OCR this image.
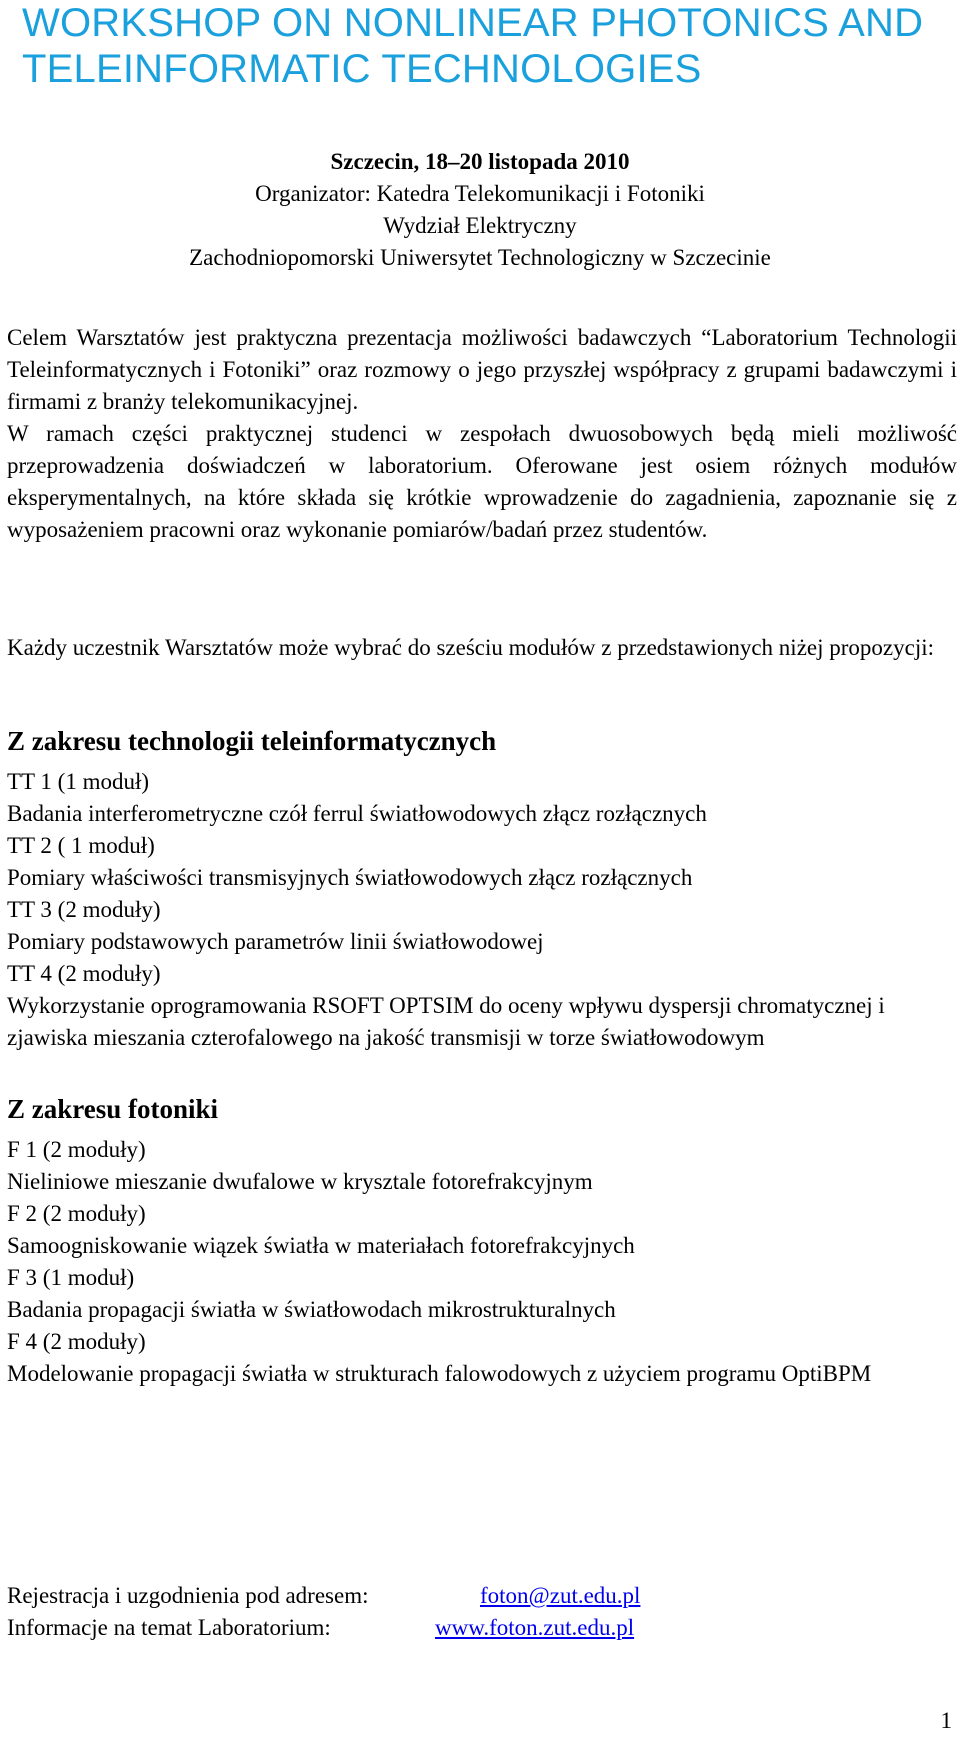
WORKSHOP ON NONLINEAR PHOTONICS AND TELEINFORMATIC TECHNOLOGIES
Szczecin, 18–20 listopada 2010
Organizator: Katedra Telekomunikacji i Fotoniki
Wydział Elektryczny
Zachodniopomorski Uniwersytet Technologiczny w Szczecinie

Celem Warsztatów jest praktyczna prezentacja możliwości badawczych “Laboratorium Technologii Teleinformatycznych i Fotoniki” oraz rozmowy o jego przyszłej współpracy z grupami badawczymi i firmami z branży telekomunikacyjnej.

W ramach części praktycznej studenci w zespołach dwuosobowych będą mieli możliwość przeprowadzenia doświadczeń w laboratorium. Oferowane jest osiem różnych modułów eksperymentalnych, na które składa się krótkie wprowadzenie do zagadnienia, zapoznanie się z wyposażeniem pracowni oraz wykonanie pomiarów/badań przez studentów.

Każdy uczestnik Warsztatów może wybrać do sześciu modułów z przedstawionych niżej propozycji:

Z zakresu technologii teleinformatycznych
TT 1 (1 moduł)
Badania interferometryczne czół ferrul światłowodowych złącz rozłącznych
TT 2 ( 1 moduł)
Pomiary właściwości transmisyjnych światłowodowych złącz rozłącznych
TT 3 (2 moduły)
Pomiary podstawowych parametrów linii światłowodowej
TT 4 (2 moduły)
Wykorzystanie oprogramowania RSOFT OPTSIM do oceny wpływu dyspersji chromatycznej i zjawiska mieszania czterofalowego na jakość transmisji w torze światłowodowym
Z zakresu fotoniki
F 1 (2 moduły)
Nieliniowe mieszanie dwufalowe w krysztale fotorefrakcyjnym
F 2 (2 moduły)
Samoogniskowanie wiązek światła w materiałach fotorefrakcyjnych
F 3 (1 moduł)
Badania propagacji światła w światłowodach mikrostrukturalnych
F 4 (2 moduły)
Modelowanie propagacji światła w strukturach falowodowych z użyciem programu OptiBPM
Rejestracja i uzgodnienia pod adresem:	foton@zut.edu.pl
Informacje na temat Laboratorium:	www.foton.zut.edu.pl
1
